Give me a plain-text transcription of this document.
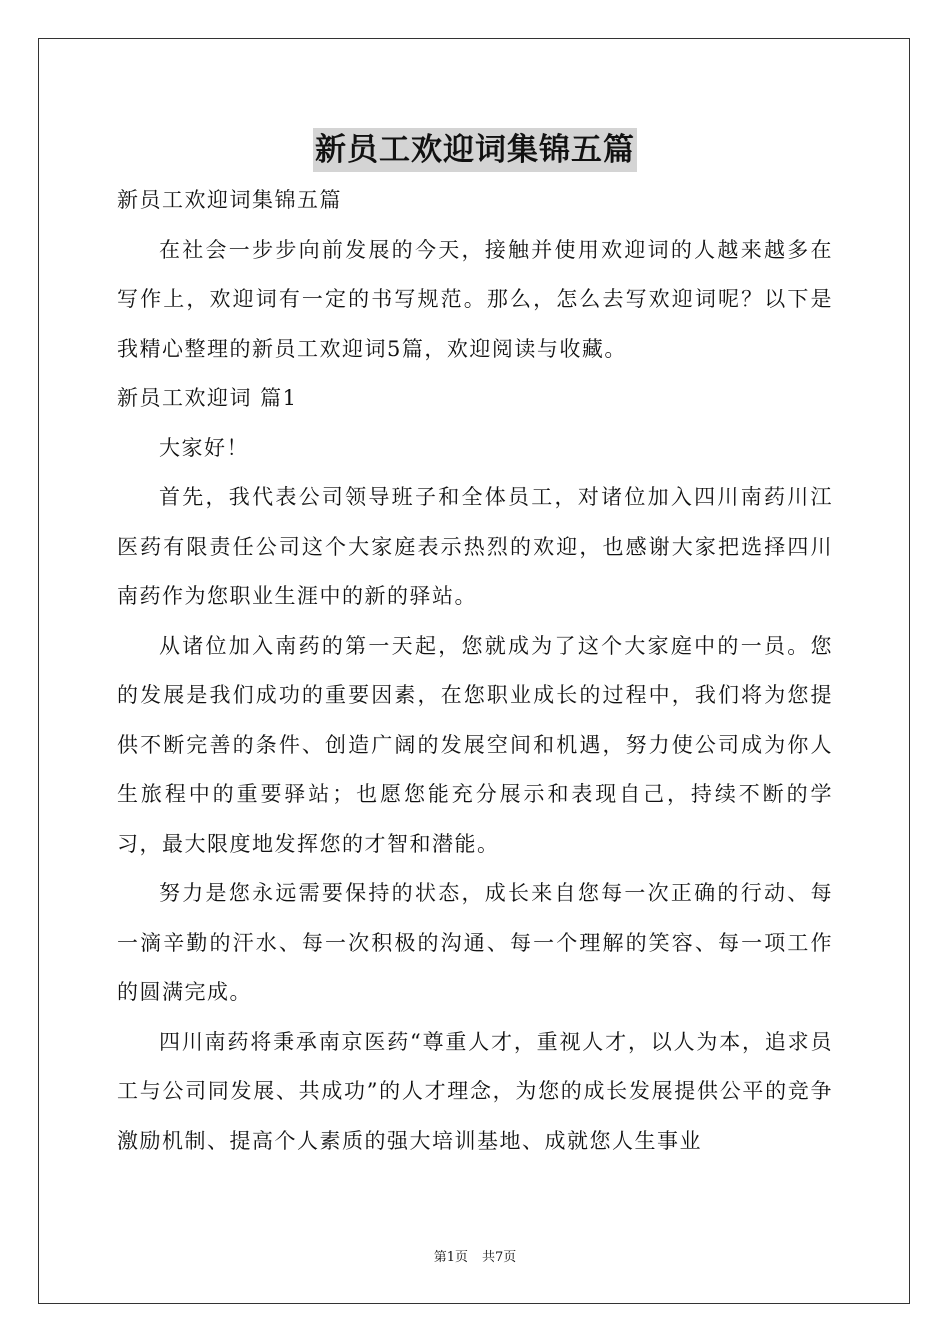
新员工欢迎词集锦五篇

新员工欢迎词集锦五篇

在社会一步步向前发展的今天，接触并使用欢迎词的人越来越多在写作上，欢迎词有一定的书写规范。那么，怎么去写欢迎词呢？以下是我精心整理的新员工欢迎词5篇，欢迎阅读与收藏。

新员工欢迎词 篇1

大家好！

首先，我代表公司领导班子和全体员工，对诸位加入四川南药川江医药有限责任公司这个大家庭表示热烈的欢迎，也感谢大家把选择四川南药作为您职业生涯中的新的驿站。

从诸位加入南药的第一天起，您就成为了这个大家庭中的一员。您的发展是我们成功的重要因素，在您职业成长的过程中，我们将为您提供不断完善的条件、创造广阔的发展空间和机遇，努力使公司成为你人生旅程中的重要驿站；也愿您能充分展示和表现自己，持续不断的学习，最大限度地发挥您的才智和潜能。

努力是您永远需要保持的状态，成长来自您每一次正确的行动、每一滴辛勤的汗水、每一次积极的沟通、每一个理解的笑容、每一项工作的圆满完成。

四川南药将秉承南京医药“尊重人才，重视人才，以人为本，追求员工与公司同发展、共成功”的人才理念，为您的成长发展提供公平的竞争激励机制、提高个人素质的强大培训基地、成就您人生事业

第1页 共7页
